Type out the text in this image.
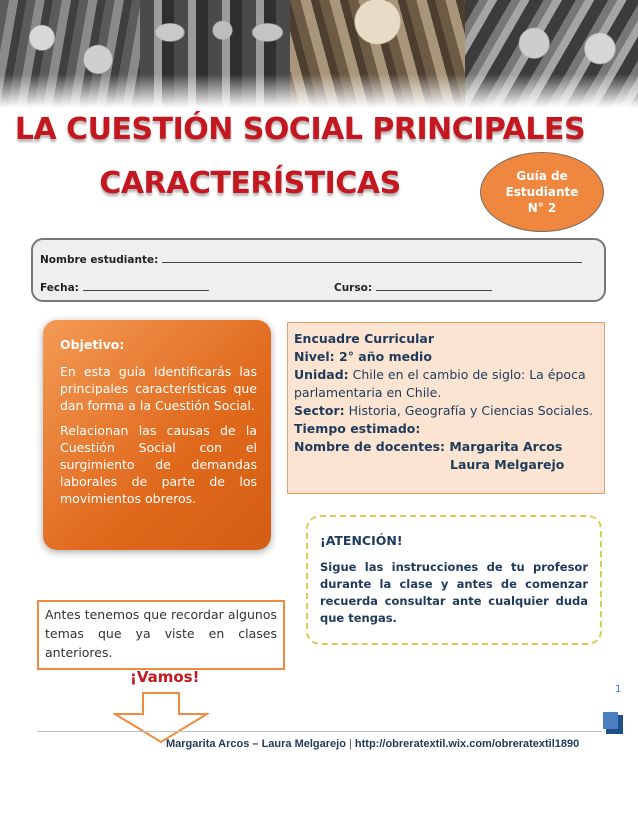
LA CUESTIÓN SOCIAL PRINCIPALES
CARACTERÍSTICAS	Guía de
Estudiante
N° 2
Nombre estudiante:
Fecha:	Curso:
Objetivo:

En esta guía Identificarás las principales características que dan forma a la Cuestión Social.

Relacionan las causas de la Cuestión Social con el surgimiento de demandas laborales de parte de los movimientos obreros.

Encuadre Curricular
Nivel: 2° año medio
Unidad: Chile en el cambio de siglo: La época parlamentaria en Chile.
Sector: Historia, Geografía y Ciencias Sociales.
Tiempo estimado:
Nombre de docentes: Margarita Arcos
Laura Melgarejo
¡ATENCIÓN!
Sigue las instrucciones de tu profesor durante la clase y antes de comenzar recuerda consultar ante cualquier duda que tengas.
Antes tenemos que recordar algunos temas que ya viste en clases anteriores.
¡Vamos!
1
Margarita Arcos – Laura Melgarejo | http://obreratextil.wix.com/obreratextil1890
